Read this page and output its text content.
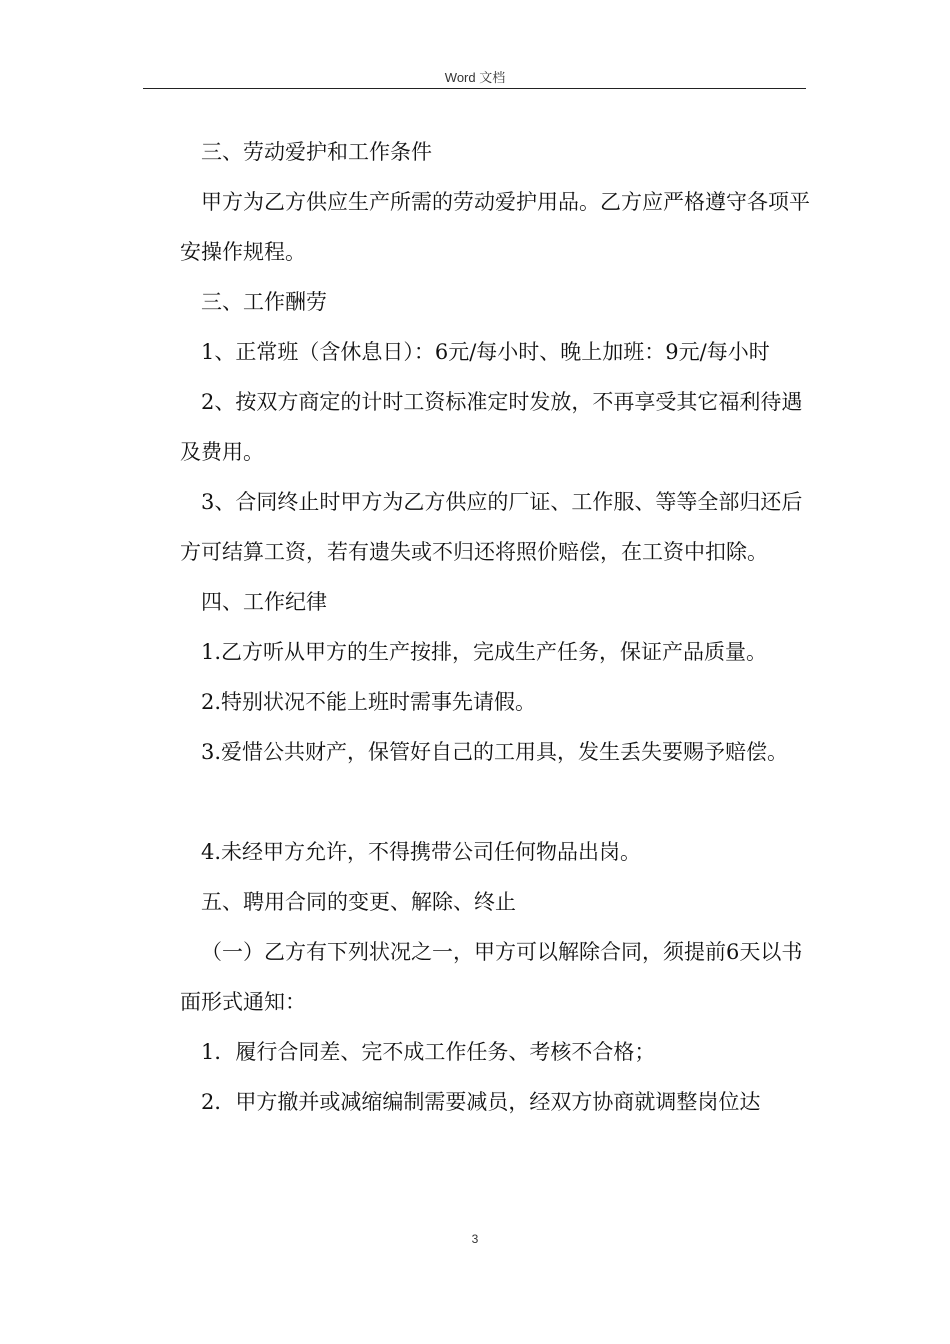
Word 文档

三、劳动爱护和工作条件

甲方为乙方供应生产所需的劳动爱护用品。乙方应严格遵守各项平安操作规程。

三、工作酬劳

1、正常班（含休息日）：6元/每小时、晚上加班：9元/每小时

2、按双方商定的计时工资标准定时发放，不再享受其它福利待遇及费用。

3、合同终止时甲方为乙方供应的厂证、工作服、等等全部归还后方可结算工资，若有遗失或不归还将照价赔偿，在工资中扣除。

四、工作纪律

1.乙方听从甲方的生产按排，完成生产任务，保证产品质量。

2.特别状况不能上班时需事先请假。

3.爱惜公共财产，保管好自己的工用具，发生丢失要赐予赔偿。

4.未经甲方允许，不得携带公司任何物品出岗。

五、聘用合同的变更、解除、终止

（一）乙方有下列状况之一，甲方可以解除合同，须提前6天以书面形式通知：

1．履行合同差、完不成工作任务、考核不合格；

2．甲方撤并或减缩编制需要减员，经双方协商就调整岗位达

3
